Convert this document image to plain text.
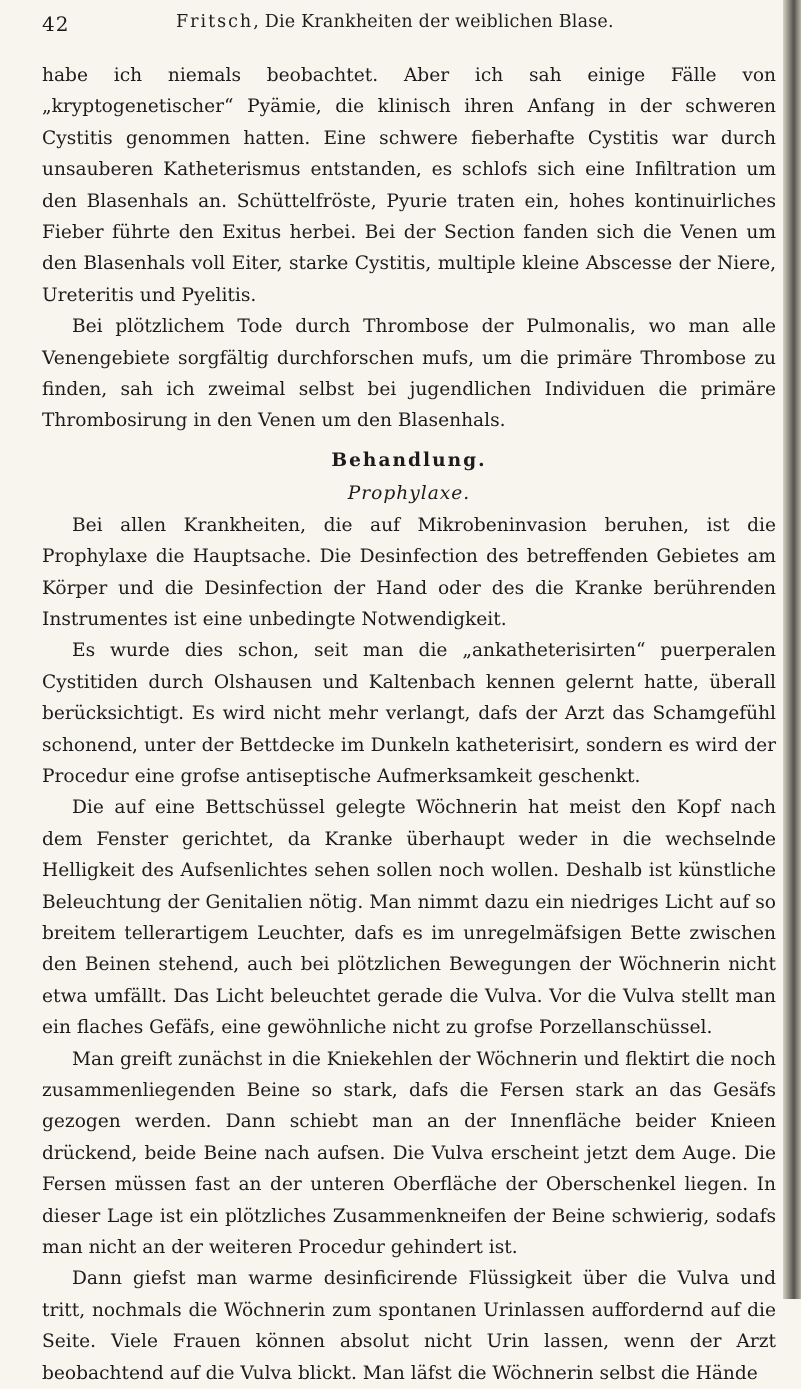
42	Fritsch, Die Krankheiten der weiblichen Blase.

habe ich niemals beobachtet. Aber ich sah einige Fälle von „kryptogenetischer“ Pyämie, die klinisch ihren Anfang in der schweren Cystitis genommen hatten. Eine schwere fieberhafte Cystitis war durch unsauberen Katheterismus entstanden, es schlofs sich eine Infiltration um den Blasenhals an. Schüttelfröste, Pyurie traten ein, hohes kontinuirliches Fieber führte den Exitus herbei. Bei der Section fanden sich die Venen um den Blasenhals voll Eiter, starke Cystitis, multiple kleine Abscesse der Niere, Ureteritis und Pyelitis.

Bei plötzlichem Tode durch Thrombose der Pulmonalis, wo man alle Venengebiete sorgfältig durchforschen mufs, um die primäre Thrombose zu finden, sah ich zweimal selbst bei jugendlichen Individuen die primäre Thrombosirung in den Venen um den Blasenhals.

Behandlung.
Prophylaxe.

Bei allen Krankheiten, die auf Mikrobeninvasion beruhen, ist die Prophylaxe die Hauptsache. Die Desinfection des betreffenden Gebietes am Körper und die Desinfection der Hand oder des die Kranke berührenden Instrumentes ist eine unbedingte Notwendigkeit.

Es wurde dies schon, seit man die „ankatheterisirten“ puerperalen Cystitiden durch Olshausen und Kaltenbach kennen gelernt hatte, überall berücksichtigt. Es wird nicht mehr verlangt, dafs der Arzt das Schamgefühl schonend, unter der Bettdecke im Dunkeln katheterisirt, sondern es wird der Procedur eine grofse antiseptische Aufmerksamkeit geschenkt.

Die auf eine Bettschüssel gelegte Wöchnerin hat meist den Kopf nach dem Fenster gerichtet, da Kranke überhaupt weder in die wechselnde Helligkeit des Aufsenlichtes sehen sollen noch wollen. Deshalb ist künstliche Beleuchtung der Genitalien nötig. Man nimmt dazu ein niedriges Licht auf so breitem tellerartigem Leuchter, dafs es im unregelmäfsigen Bette zwischen den Beinen stehend, auch bei plötzlichen Bewegungen der Wöchnerin nicht etwa umfällt. Das Licht beleuchtet gerade die Vulva. Vor die Vulva stellt man ein flaches Gefäfs, eine gewöhnliche nicht zu grofse Porzellanschüssel.

Man greift zunächst in die Kniekehlen der Wöchnerin und flektirt die noch zusammenliegenden Beine so stark, dafs die Fersen stark an das Gesäfs gezogen werden. Dann schiebt man an der Innenfläche beider Knieen drückend, beide Beine nach aufsen. Die Vulva erscheint jetzt dem Auge. Die Fersen müssen fast an der unteren Oberfläche der Oberschenkel liegen. In dieser Lage ist ein plötzliches Zusammenkneifen der Beine schwierig, sodafs man nicht an der weiteren Procedur gehindert ist.

Dann giefst man warme desinficirende Flüssigkeit über die Vulva und tritt, nochmals die Wöchnerin zum spontanen Urinlassen auffordernd auf die Seite. Viele Frauen können absolut nicht Urin lassen, wenn der Arzt beobachtend auf die Vulva blickt. Man läfst die Wöchnerin selbst die Hände
